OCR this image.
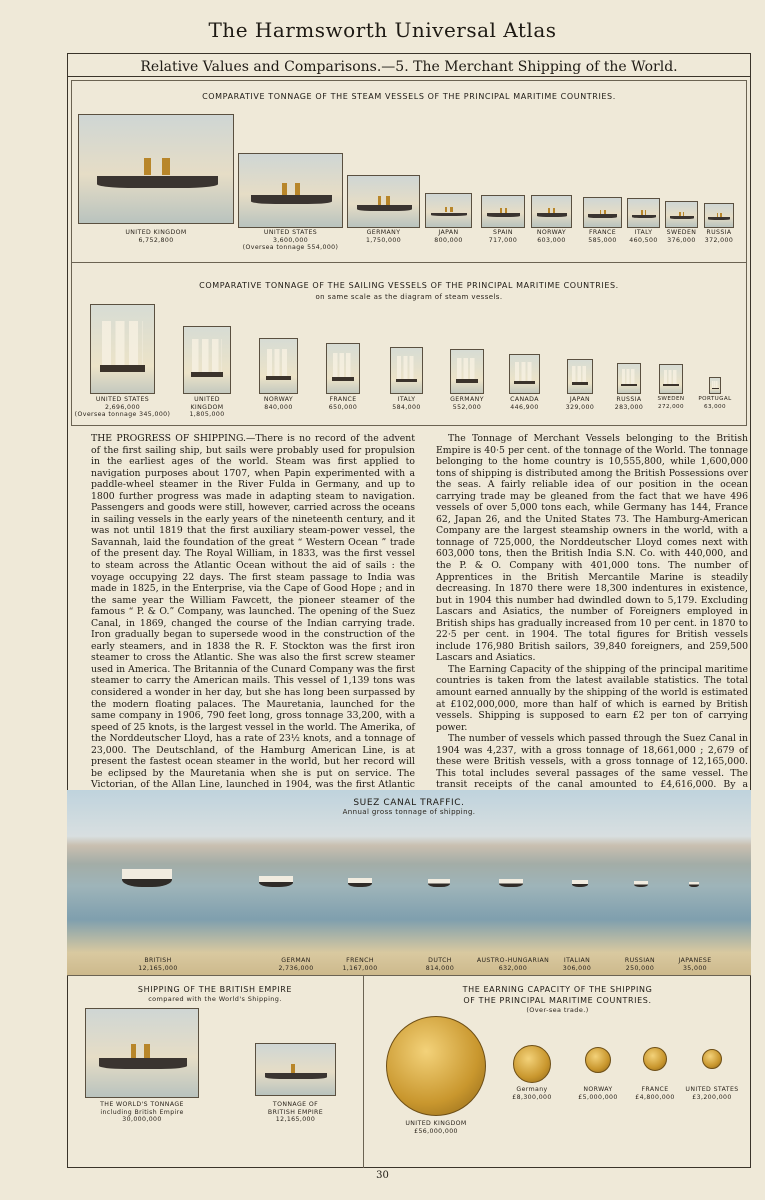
The Harmsworth Universal Atlas
Relative Values and Comparisons.—5. The Merchant Shipping of the World.
COMPARATIVE TONNAGE OF THE STEAM VESSELS OF THE PRINCIPAL MARITIME COUNTRIES.
UNITED KINGDOM
6,752,800
UNITED STATES
3,600,000
(Oversea tonnage 554,000)
GERMANY
1,750,000
JAPAN
800,000
SPAIN
717,000
NORWAY
603,000
FRANCE
585,000
ITALY
460,500
SWEDEN
376,000
RUSSIA
372,000
COMPARATIVE TONNAGE OF THE SAILING VESSELS OF THE PRINCIPAL MARITIME COUNTRIES.
on same scale as the diagram of steam vessels.
UNITED STATES
2,696,000
(Oversea tonnage 345,000)
UNITED KINGDOM
1,805,000
NORWAY
840,000
FRANCE
650,000
ITALY
584,000
GERMANY
552,000
CANADA
446,900
JAPAN
329,000
RUSSIA
283,000
SWEDEN
272,000
PORTUGAL
63,000

THE PROGRESS OF SHIPPING.—There is no record of the advent of the first sailing ship, but sails were probably used for propulsion in the earliest ages of the world. Steam was first applied to navigation purposes about 1707, when Papin experimented with a paddle-wheel steamer in the River Fulda in Germany, and up to 1800 further progress was made in adapting steam to navigation. Passengers and goods were still, however, carried across the oceans in sailing vessels in the early years of the nineteenth century, and it was not until 1819 that the first auxiliary steam-power vessel, the Savannah, laid the foundation of the great “ Western Ocean ” trade of the present day. The Royal William, in 1833, was the first vessel to steam across the Atlantic Ocean without the aid of sails : the voyage occupying 22 days. The first steam passage to India was made in 1825, in the Enterprise, via the Cape of Good Hope ; and in the same year the William Fawcett, the pioneer steamer of the famous “ P. & O.” Company, was launched. The opening of the Suez Canal, in 1869, changed the course of the Indian carrying trade. Iron gradually began to supersede wood in the construction of the early steamers, and in 1838 the R. F. Stockton was the first iron steamer to cross the Atlantic. She was also the first screw steamer used in America. The Britannia of the Cunard Company was the first steamer to carry the American mails. This vessel of 1,139 tons was considered a wonder in her day, but she has long been surpassed by the modern floating palaces. The Mauretania, launched for the same company in 1906, 790 feet long, gross tonnage 33,200, with a speed of 25 knots, is the largest vessel in the world. The Amerika, of the Norddeutscher Lloyd, has a rate of 23½ knots, and a tonnage of 23,000. The Deutschland, of the Hamburg American Line, is at present the fastest ocean steamer in the world, but her record will be eclipsed by the Mauretania when she is put on service. The Victorian, of the Allan Line, launched in 1904, was the first Atlantic

The Tonnage of Merchant Vessels belonging to the British Empire is 40·5 per cent. of the tonnage of the World. The tonnage belonging to the home country is 10,555,800, while 1,600,000 tons of shipping is distributed among the British Possessions over the seas. A fairly reliable idea of our position in the ocean carrying trade may be gleaned from the fact that we have 496 vessels of over 5,000 tons each, while Germany has 144, France 62, Japan 26, and the United States 73. The Hamburg-American Company are the largest steamship owners in the world, with a tonnage of 725,000, the Norddeutscher Lloyd comes next with 603,000 tons, then the British India S.N. Co. with 440,000, and the P. & O. Company with 401,000 tons. The number of Apprentices in the British Mercantile Marine is steadily decreasing. In 1870 there were 18,300 indentures in existence, but in 1904 this number had dwindled down to 5,179. Excluding Lascars and Asiatics, the number of Foreigners employed in British ships has gradually increased from 10 per cent. in 1870 to 22·5 per cent. in 1904. The total figures for British vessels include 176,980 British sailors, 39,840 foreigners, and 259,500 Lascars and Asiatics.

The Earning Capacity of the shipping of the principal maritime countries is taken from the latest available statistics. The total amount earned annually by the shipping of the world is estimated at £102,000,000, more than half of which is earned by British vessels. Shipping is supposed to earn £2 per ton of carrying power.

The number of vessels which passed through the Suez Canal in 1904 was 4,237, with a gross tonnage of 18,661,000 ; 2,679 of these were British vessels, with a gross tonnage of 12,165,000. This total includes several passages of the same vessel. The transit receipts of the canal amounted to £4,616,000. By a

SUEZ CANAL TRAFFIC.
Annual gross tonnage of shipping.
BRITISH
12,165,000
GERMAN
2,736,000
FRENCH
1,167,000
DUTCH
814,000
AUSTRO-HUNGARIAN
632,000
ITALIAN
306,000
RUSSIAN
250,000
JAPANESE
35,000
SHIPPING OF THE BRITISH EMPIRE
compared with the World's Shipping.
THE WORLD'S TONNAGE
including British Empire
30,000,000
TONNAGE OF
BRITISH EMPIRE
12,165,000
THE EARNING CAPACITY OF THE SHIPPING
OF THE PRINCIPAL MARITIME COUNTRIES.
(Over-sea trade.)
UNITED KINGDOM
£56,000,000
Germany
£8,300,000
NORWAY
£5,000,000
FRANCE
£4,800,000
UNITED STATES
£3,200,000
30
